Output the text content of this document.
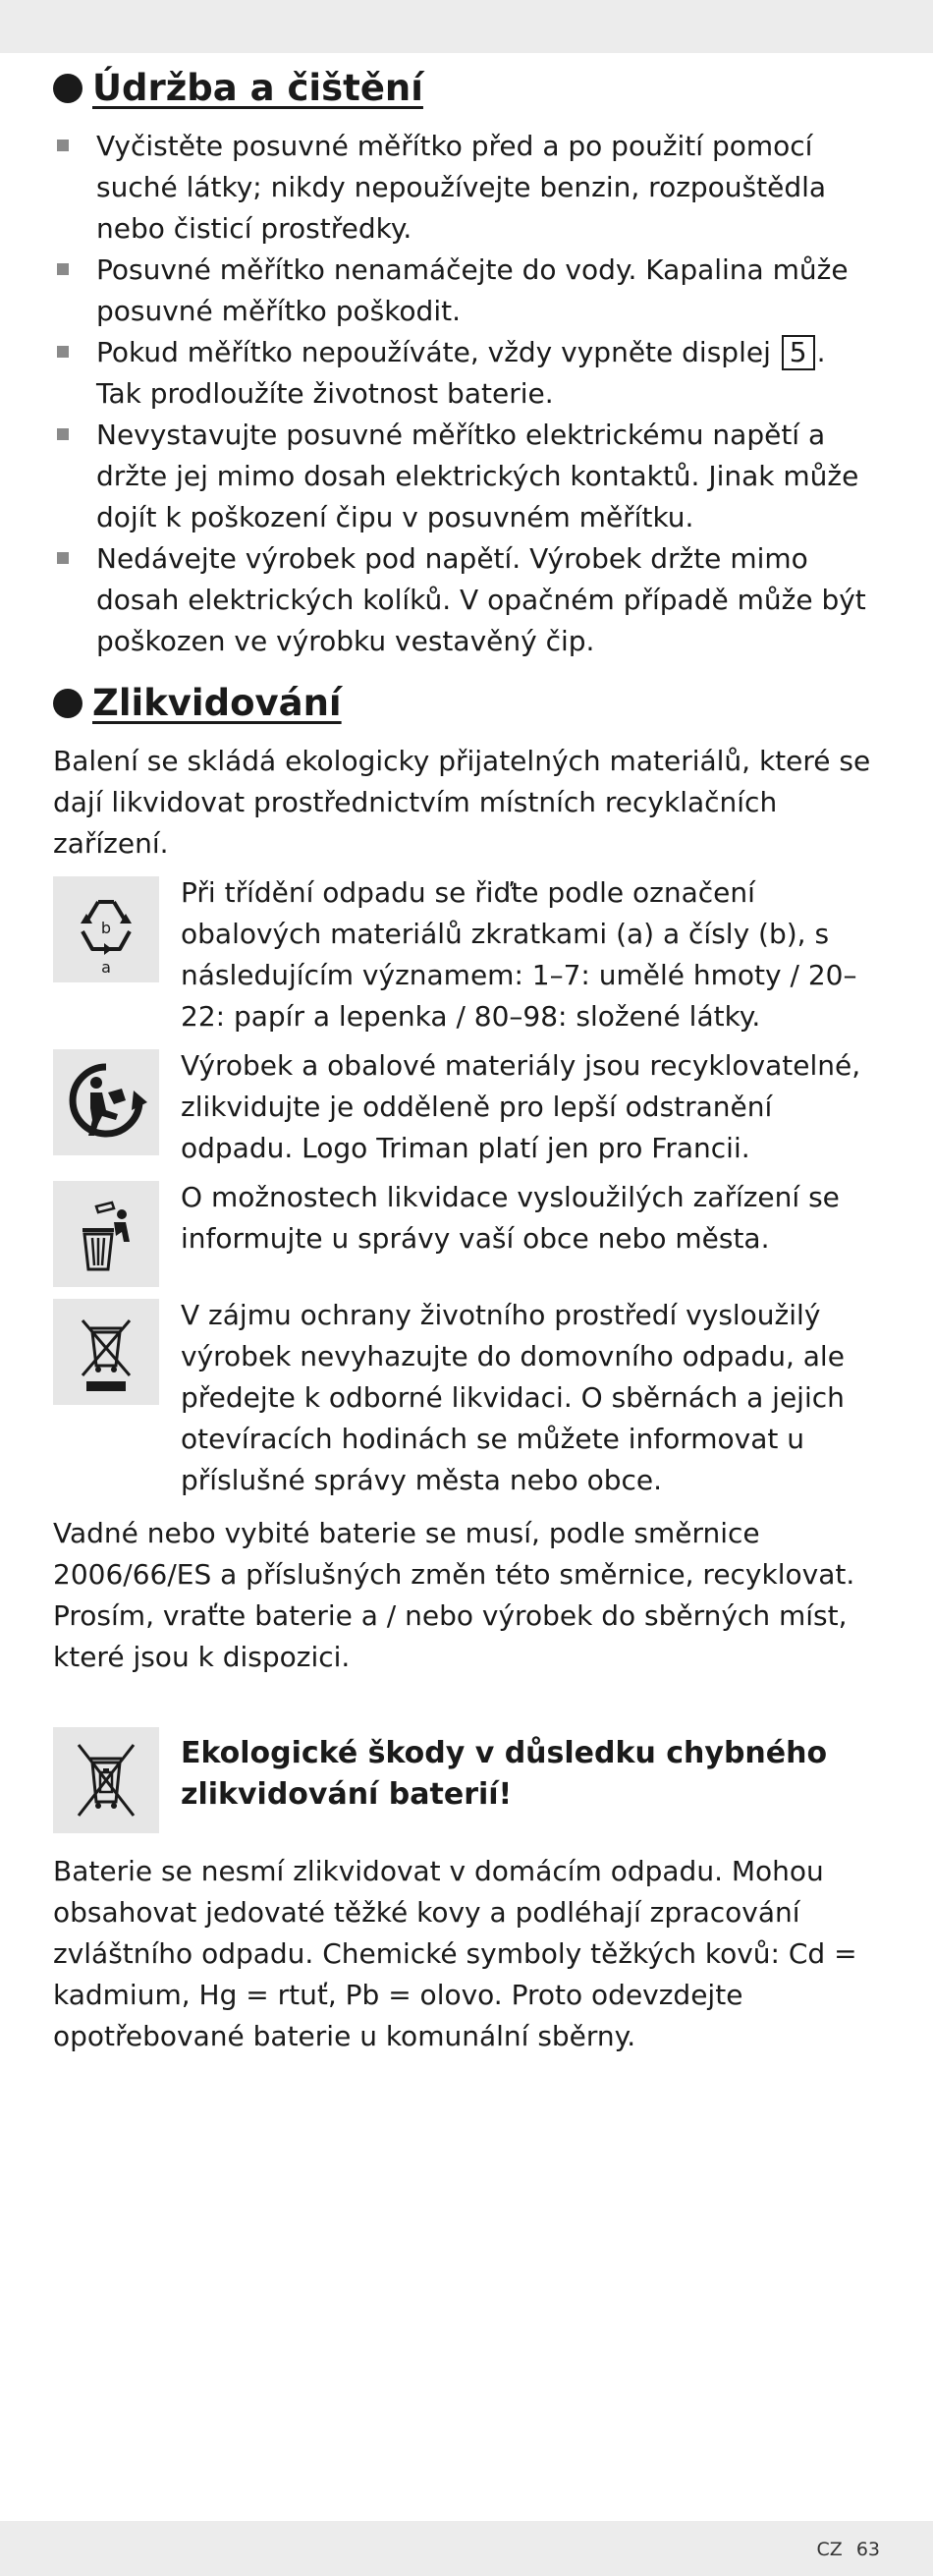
Údržba a čištění
Vyčistěte posuvné měřítko před a po použití pomocí suché látky; nikdy nepoužívejte benzin, rozpouštědla nebo čisticí prostředky.
Posuvné měřítko nenamáčejte do vody. Kapalina může posuvné měřítko poškodit.
Pokud měřítko nepoužíváte, vždy vypněte displej 5 . Tak prodloužíte životnost baterie.
Nevystavujte posuvné měřítko elektrickému napětí a držte jej mimo dosah elektrických kontaktů. Jinak může dojít k poškození čipu v posuvném měřítku.
Nedávejte výrobek pod napětí. Výrobek držte mimo dosah elektrických kolíků. V opačném případě může být poškozen ve výrobku vestavěný čip.
Zlikvidování

Balení se skládá ekologicky přijatelných materiálů, které se dají likvidovat prostřednictvím místních recyklačních zařízení.

b
a
Při třídění odpadu se řiďte podle označení obalových materiálů zkratkami (a) a čísly (b), s následujícím významem: 1–7: umělé hmoty / 20–22: papír a lepenka / 80–98: složené látky.
Výrobek a obalové materiály jsou recyklovatelné, zlikvidujte je odděleně pro lepší odstranění odpadu. Logo Triman platí jen pro Francii.
O možnostech likvidace vysloužilých zařízení se informujte u správy vaší obce nebo města.
V zájmu ochrany životního prostředí vysloužilý výrobek nevyhazujte do domovního odpadu, ale předejte k odborné likvidaci. O sběrnách a jejich otevíracích hodinách se můžete informovat u příslušné správy města nebo obce.

Vadné nebo vybité baterie se musí, podle směrnice 2006/66/ES a příslušných změn této směrnice, recyklovat. Prosím, vraťte baterie a / nebo výrobek do sběrných míst, které jsou k dispozici.

Ekologické škody v důsledku chybného zlikvidování baterií!

Baterie se nesmí zlikvidovat v domácím odpadu. Mohou obsahovat jedovaté těžké kovy a podléhají zpracování zvláštního odpadu. Chemické symboly těžkých kovů: Cd = kadmium, Hg = rtuť, Pb = olovo. Proto odevzdejte opotřebované baterie u komunální sběrny.

CZ 63
